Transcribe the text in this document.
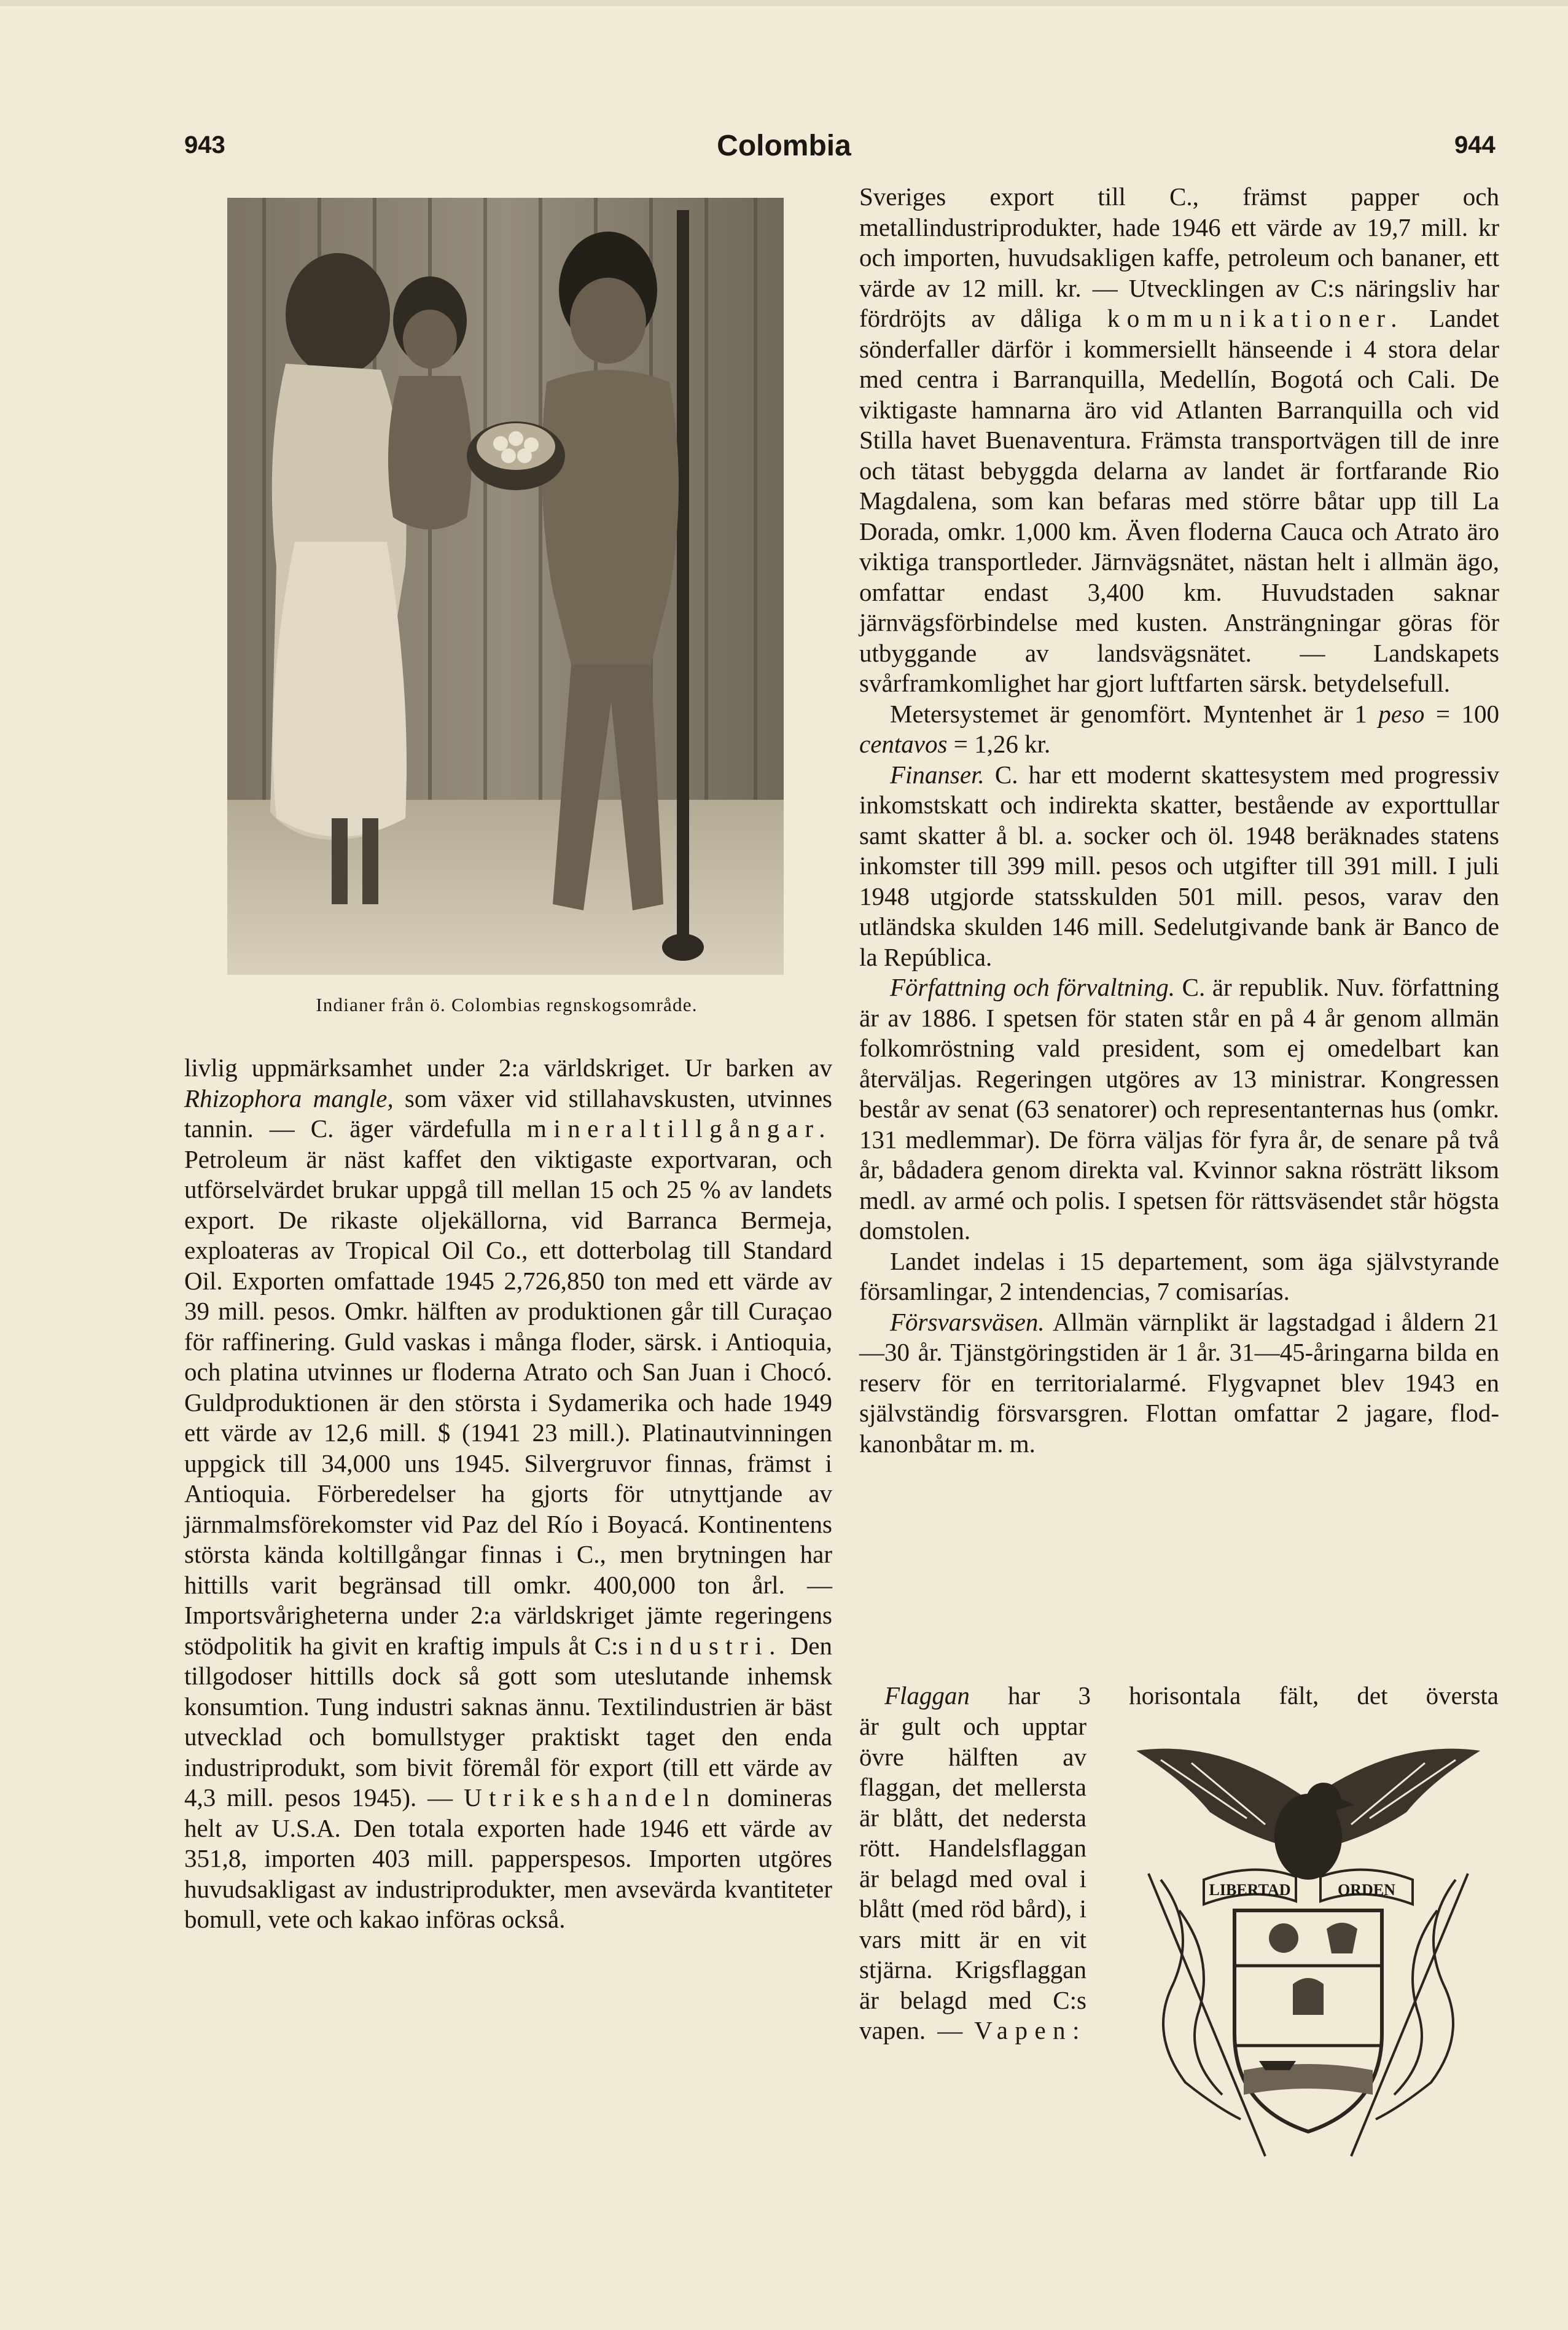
943	Colombia	944
Indianer från ö. Colombias regnskogsområde.

livlig uppmärksamhet under 2:a världskriget. Ur barken av Rhizophora mangle, som växer vid stillahavskusten, utvinnes tannin. — C. äger värdefulla mineraltillgångar. Petroleum är näst kaffet den viktigaste exportvaran, och utförselvärdet brukar uppgå till mellan 15 och 25 % av landets export. De rikaste oljekällorna, vid Barranca Bermeja, exploateras av Tropical Oil Co., ett dotterbolag till Standard Oil. Exporten omfattade 1945 2,726,850 ton med ett värde av 39 mill. pesos. Omkr. hälften av produktionen går till Curaçao för raffinering. Guld vaskas i många floder, särsk. i Antioquia, och platina utvinnes ur floderna Atrato och San Juan i Chocó. Guldproduktionen är den största i Sydamerika och hade 1949 ett värde av 12,6 mill. $ (1941 23 mill.). Platinautvinningen uppgick till 34,000 uns 1945. Silvergruvor finnas, främst i Antioquia. Förberedelser ha gjorts för utnyttjande av järnmalmsförekomster vid Paz del Río i Boyacá. Kontinentens största kända koltillgångar finnas i C., men brytningen har hittills varit begränsad till omkr. 400,000 ton årl. — Importsvårigheterna under 2:a världskriget jämte regeringens stödpolitik ha givit en kraftig impuls åt C:s industri. Den tillgodoser hittills dock så gott som uteslutande inhemsk konsumtion. Tung industri saknas ännu. Textilindustrien är bäst utvecklad och bomullstyger praktiskt taget den enda industriprodukt, som bivit föremål för export (till ett värde av 4,3 mill. pesos 1945). — Utrikeshandeln domineras helt av U.S.A. Den totala exporten hade 1946 ett värde av 351,8, importen 403 mill. papperspesos. Importen utgöres huvudsakligast av industriprodukter, men avsevärda kvantiteter bomull, vete och kakao införas också.

Sveriges export till C., främst papper och metallindustriprodukter, hade 1946 ett värde av 19,7 mill. kr och importen, huvudsakligen kaffe, petroleum och bananer, ett värde av 12 mill. kr. — Utvecklingen av C:s näringsliv har fördröjts av dåliga kommunikationer. Landet sönderfaller därför i kommersiellt hänseende i 4 stora delar med centra i Barranquilla, Medellín, Bogotá och Cali. De viktigaste hamnarna äro vid Atlanten Barranquilla och vid Stilla havet Buenaventura. Främsta transportvägen till de inre och tätast bebyggda delarna av landet är fortfarande Rio Magdalena, som kan befaras med större båtar upp till La Dorada, omkr. 1,000 km. Även floderna Cauca och Atrato äro viktiga transportleder. Järnvägsnätet, nästan helt i allmän ägo, omfattar endast 3,400 km. Huvudstaden saknar järnvägsförbindelse med kusten. Ansträngningar göras för utbyggande av landsvägsnätet. — Landskapets svårframkomlighet har gjort luftfarten särsk. betydelsefull.

Metersystemet är genomfört. Myntenhet är 1 peso = 100 centavos = 1,26 kr.

Finanser. C. har ett modernt skattesystem med progressiv inkomstskatt och indirekta skatter, bestående av exporttullar samt skatter å bl. a. socker och öl. 1948 beräknades statens inkomster till 399 mill. pesos och utgifter till 391 mill. I juli 1948 utgjorde statsskulden 501 mill. pesos, varav den utländska skulden 146 mill. Sedelutgivande bank är Banco de la República.

Författning och förvaltning. C. är republik. Nuv. författning är av 1886. I spetsen för staten står en på 4 år genom allmän folkomröstning vald president, som ej omedelbart kan återväljas. Regeringen utgöres av 13 ministrar. Kongressen består av senat (63 senatorer) och representanternas hus (omkr. 131 medlemmar). De förra väljas för fyra år, de senare på två år, bådadera genom direkta val. Kvinnor sakna rösträtt liksom medl. av armé och polis. I spetsen för rättsväsendet står högsta domstolen.

Landet indelas i 15 departement, som äga självstyrande församlingar, 2 intendencias, 7 comisarías.

Försvarsväsen. Allmän värnplikt är lagstadgad i åldern 21—30 år. Tjänstgöringstiden är 1 år. 31—45-åringarna bilda en reserv för en territorialarmé. Flygvapnet blev 1943 en självständig försvarsgren. Flottan omfattar 2 jagare, flod-kanonbåtar m. m.

Flaggan har 3 horisontala fält, det översta

är gult och upptar övre hälften av flaggan, det mellersta är blått, det nedersta rött. Handelsflaggan är belagd med oval i blått (med röd bård), i vars mitt är en vit stjärna. Krigsflaggan är belagd med C:s vapen. — Vapen:

LIBERTAD	ORDEN
